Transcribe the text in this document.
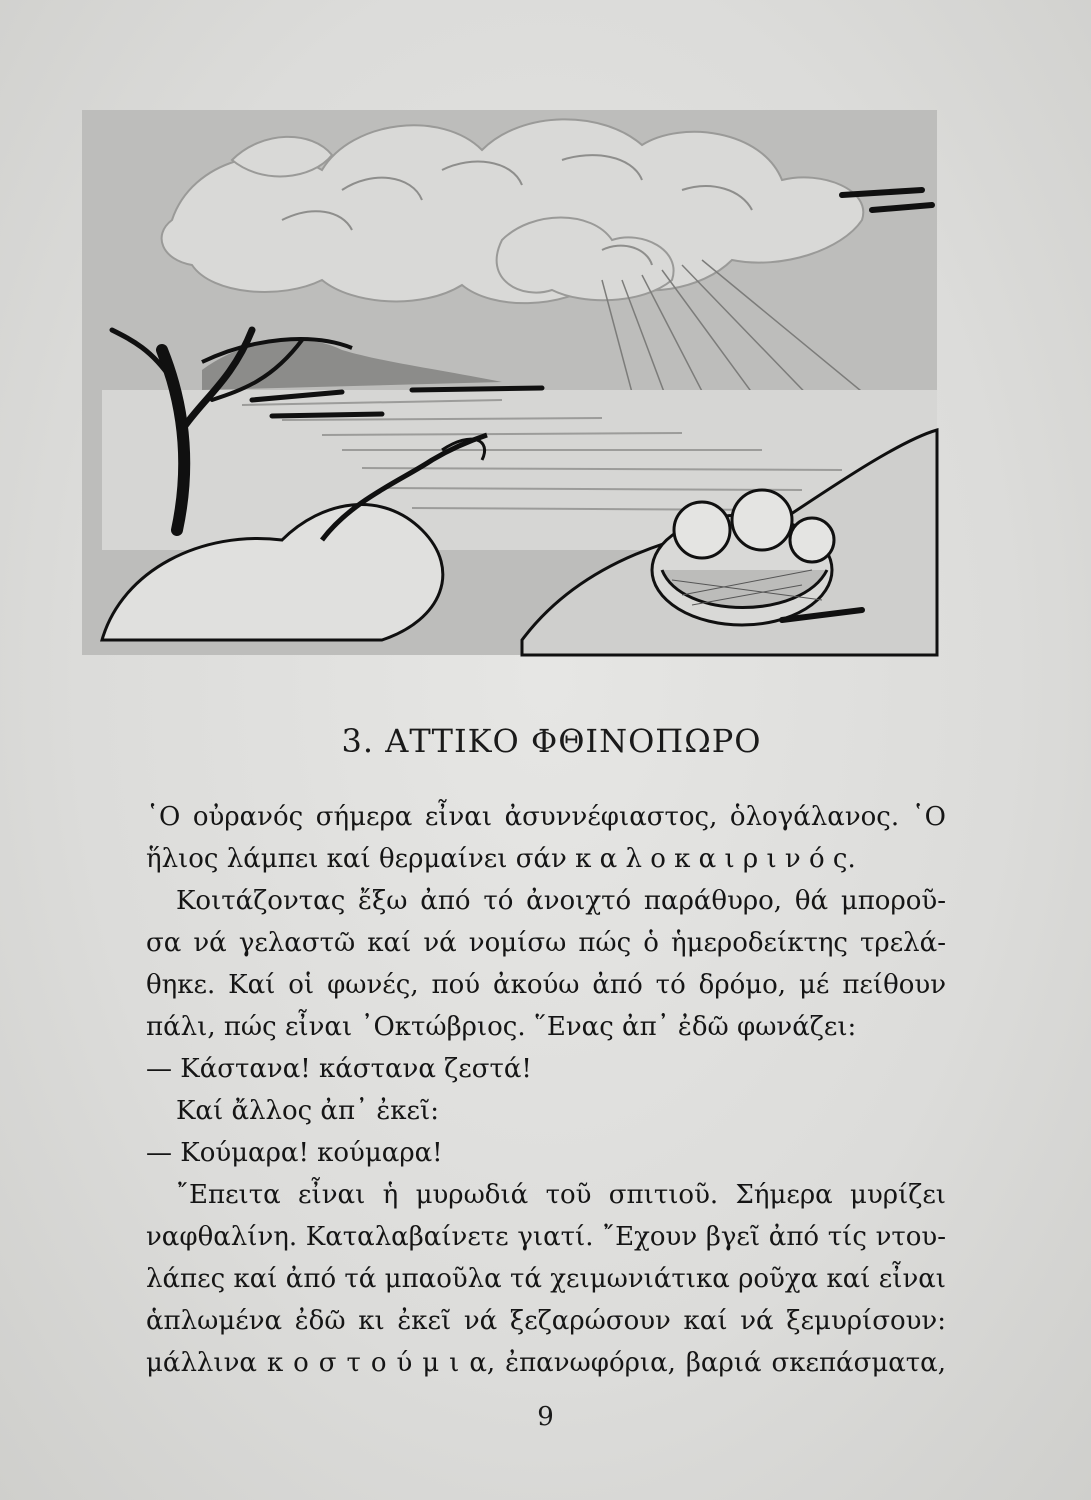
3. ΑΤΤΙΚΟ ΦΘΙΝΟΠΩΡΟ
῾Ο οὐρανός σήμερα εἶναι ἀσυννέφιαστος, ὁλογάλανος. ῾Ο
ἥλιος λάμπει καί θερμαίνει σάν κ α λ ο κ α ι ρ ι ν ό ς.
Κοιτάζοντας ἔξω ἀπό τό ἀνοιχτό παράθυρο, θά μποροῦ-
σα νά γελαστῶ καί νά νομίσω πώς ὁ ἡμεροδείκτης τρελά-
θηκε. Καί οἱ φωνές, πού ἀκούω ἀπό τό δρόμο, μέ πείθουν
πάλι, πώς εἶναι ᾽Οκτώβριος. ῞Ενας ἀπ᾽ ἐδῶ φωνάζει:
— Κάστανα! κάστανα ζεστά!
Καί ἄλλος ἀπ᾽ ἐκεῖ:
— Κούμαρα! κούμαρα!
῎Επειτα εἶναι ἡ μυρωδιά τοῦ σπιτιοῦ. Σήμερα μυρίζει
ναφθαλίνη. Καταλαβαίνετε γιατί. ῎Εχουν βγεῖ ἀπό τίς ντου-
λάπες καί ἀπό τά μπαοῦλα τά χειμωνιάτικα ροῦχα καί εἶναι
ἁπλωμένα ἐδῶ κι ἐκεῖ νά ξεζαρώσουν καί νά ξεμυρίσουν:
μάλλινα κ ο σ τ ο ύ μ ι α, ἐπανωφόρια, βαριά σκεπάσματα,
9
